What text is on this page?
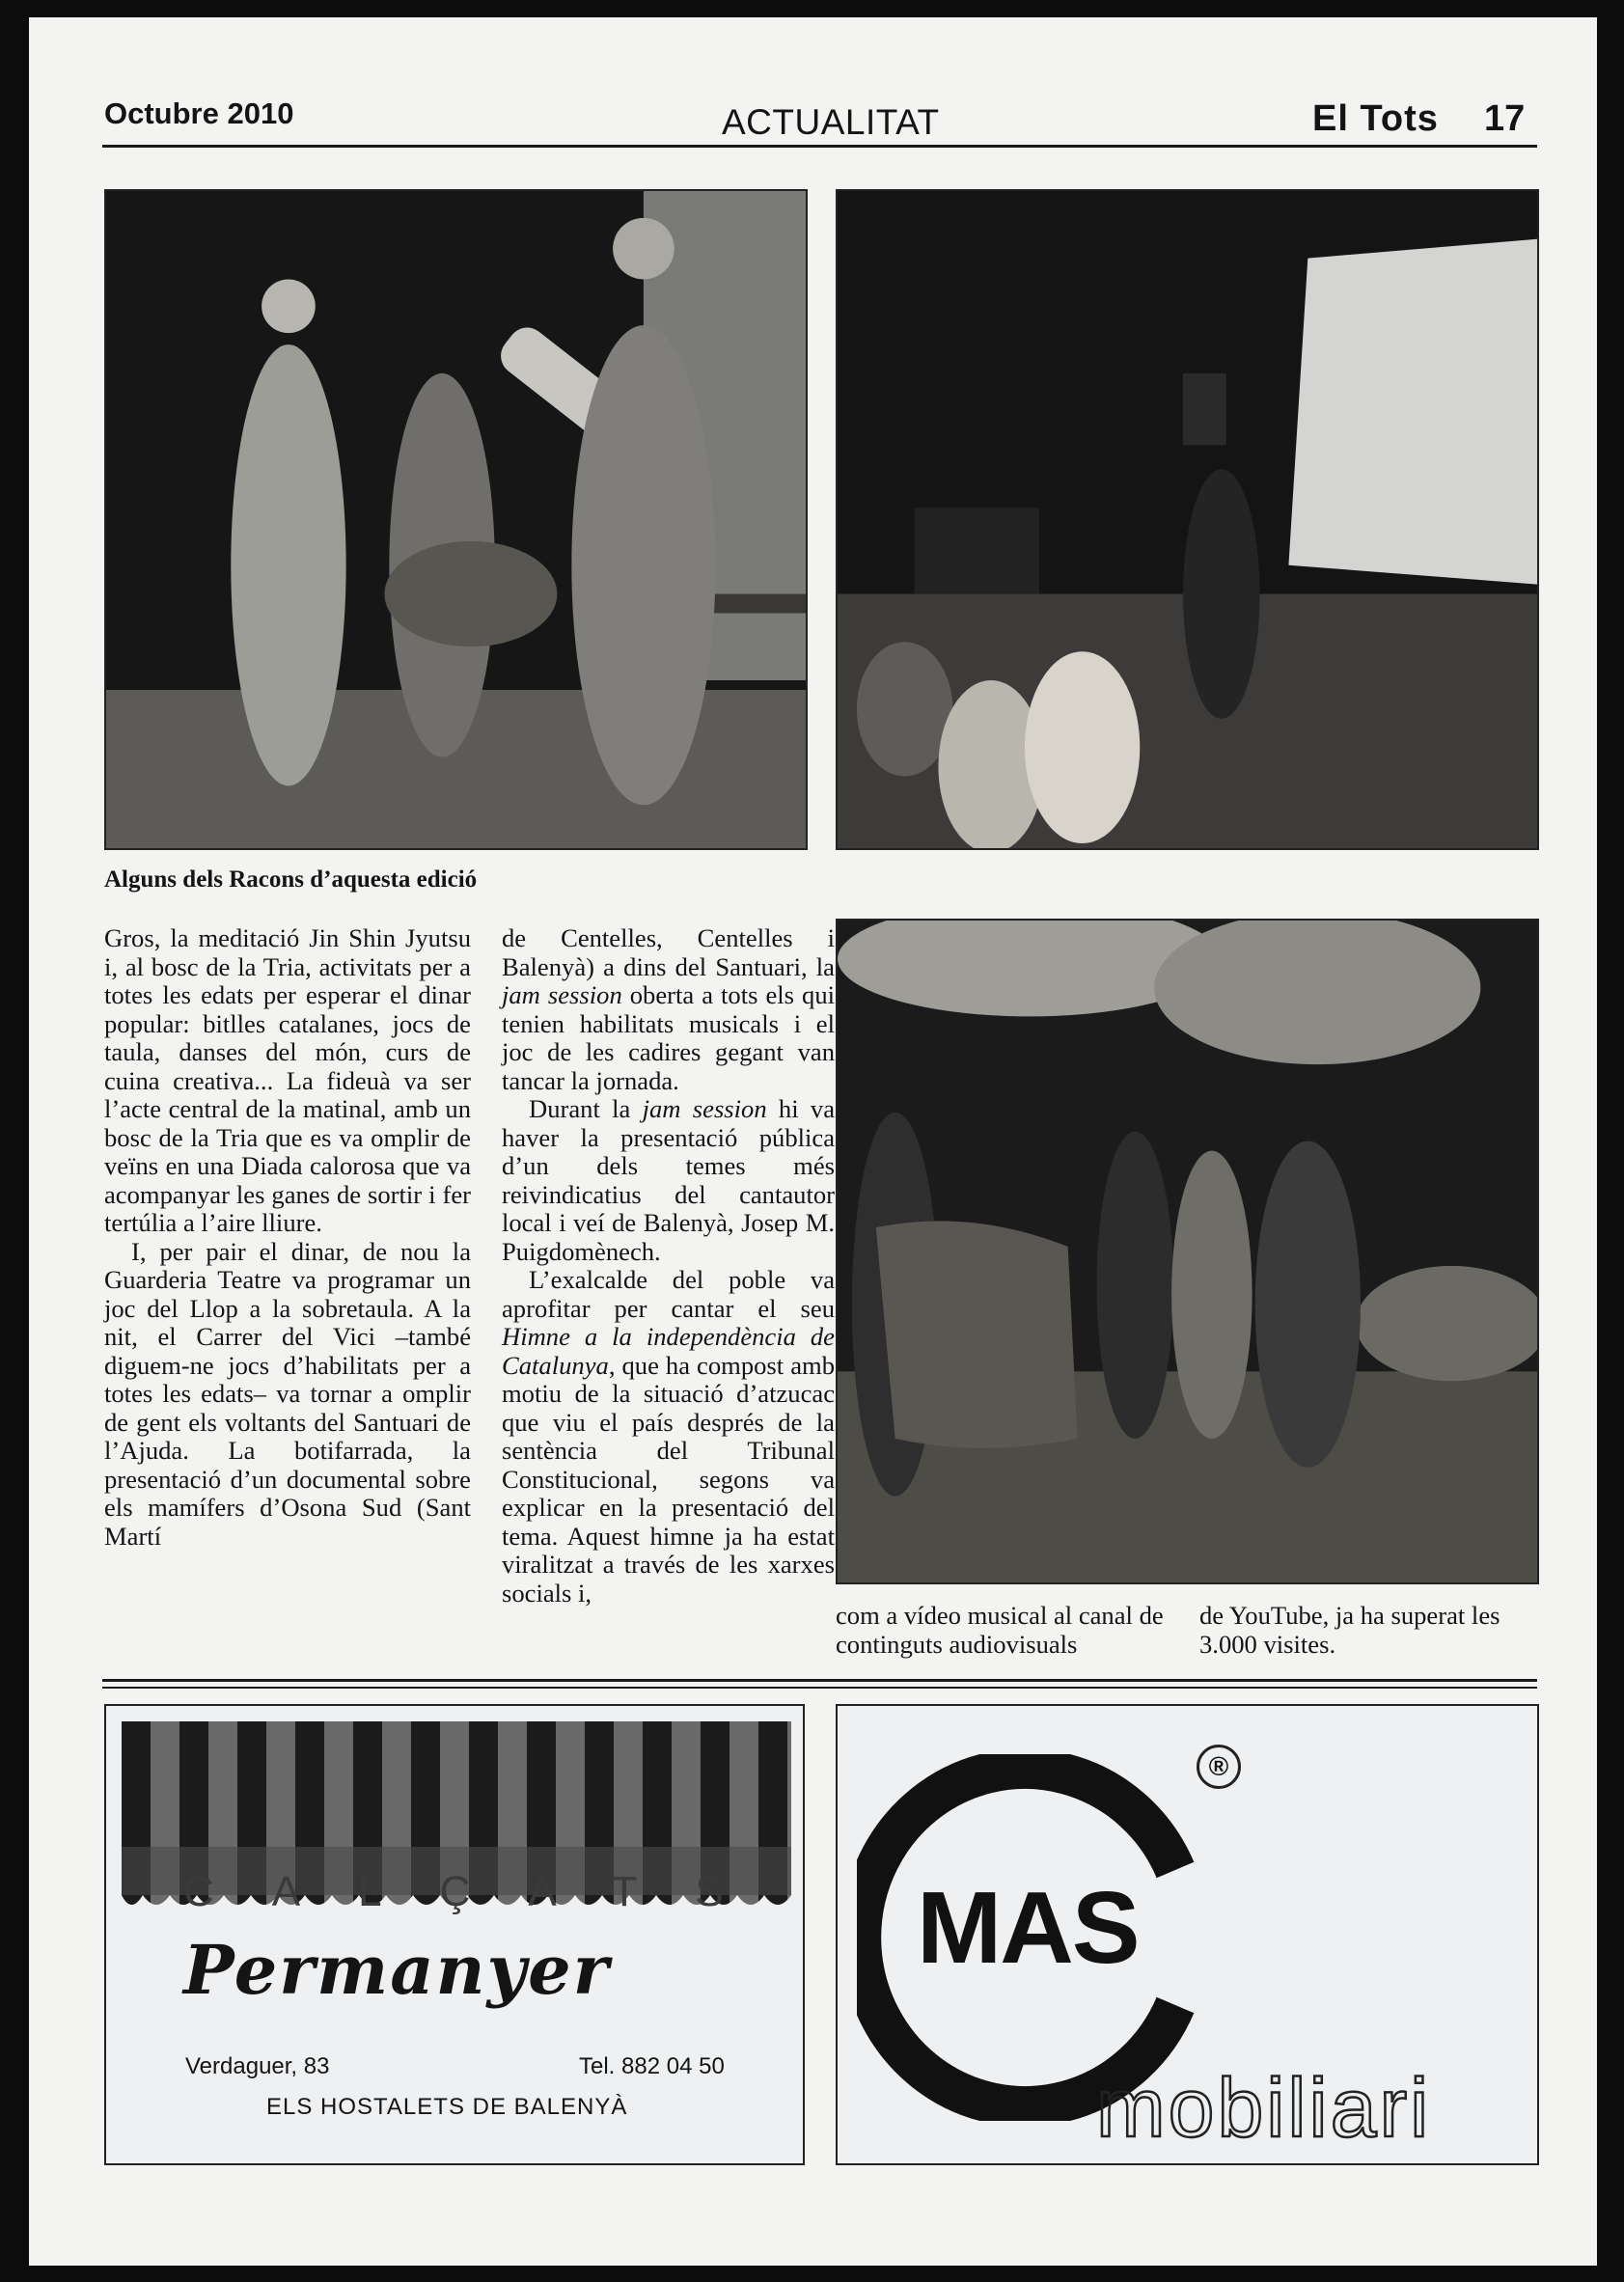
Octubre 2010	ACTUALITAT	El Tots 17
Alguns dels Racons d’aquesta edició

Gros, la meditació Jin Shin Jyutsu i, al bosc de la Tria, activitats per a totes les edats per esperar el dinar popular: bitlles catalanes, jocs de taula, danses del món, curs de cuina creativa... La fideuà va ser l’acte central de la matinal, amb un bosc de la Tria que es va omplir de veïns en una Diada calorosa que va acompanyar les ganes de sortir i fer tertúlia a l’aire lliure.

I, per pair el dinar, de nou la Guarderia Teatre va programar un joc del Llop a la sobretaula. A la nit, el Carrer del Vici –també diguem-ne jocs d’habilitats per a totes les edats– va tornar a omplir de gent els voltants del Santuari de l’Ajuda. La botifarrada, la presentació d’un documental sobre els mamífers d’Osona Sud (Sant Martí

de Centelles, Centelles i Balenyà) a dins del Santuari, la jam session oberta a tots els qui tenien habilitats musicals i el joc de les cadires gegant van tancar la jornada.

Durant la jam session hi va haver la presentació pública d’un dels temes més reivindicatius del cantautor local i veí de Balenyà, Josep M. Puigdomènech.

L’exalcalde del poble va aprofitar per cantar el seu Himne a la independència de Catalunya, que ha compost amb motiu de la situació d’atzucac que viu el país després de la sentència del Tribunal Constitucional, segons va explicar en la presentació del tema. Aquest himne ja ha estat viralitzat a través de les xarxes socials i,

com a vídeo musical al canal de continguts audiovisuals

de YouTube, ja ha superat les 3.000 visites.

CALÇATS
Permanyer
Verdaguer, 83	Tel. 882 04 50
ELS HOSTALETS DE BALENYÀ
®
MAS
mobiliari
